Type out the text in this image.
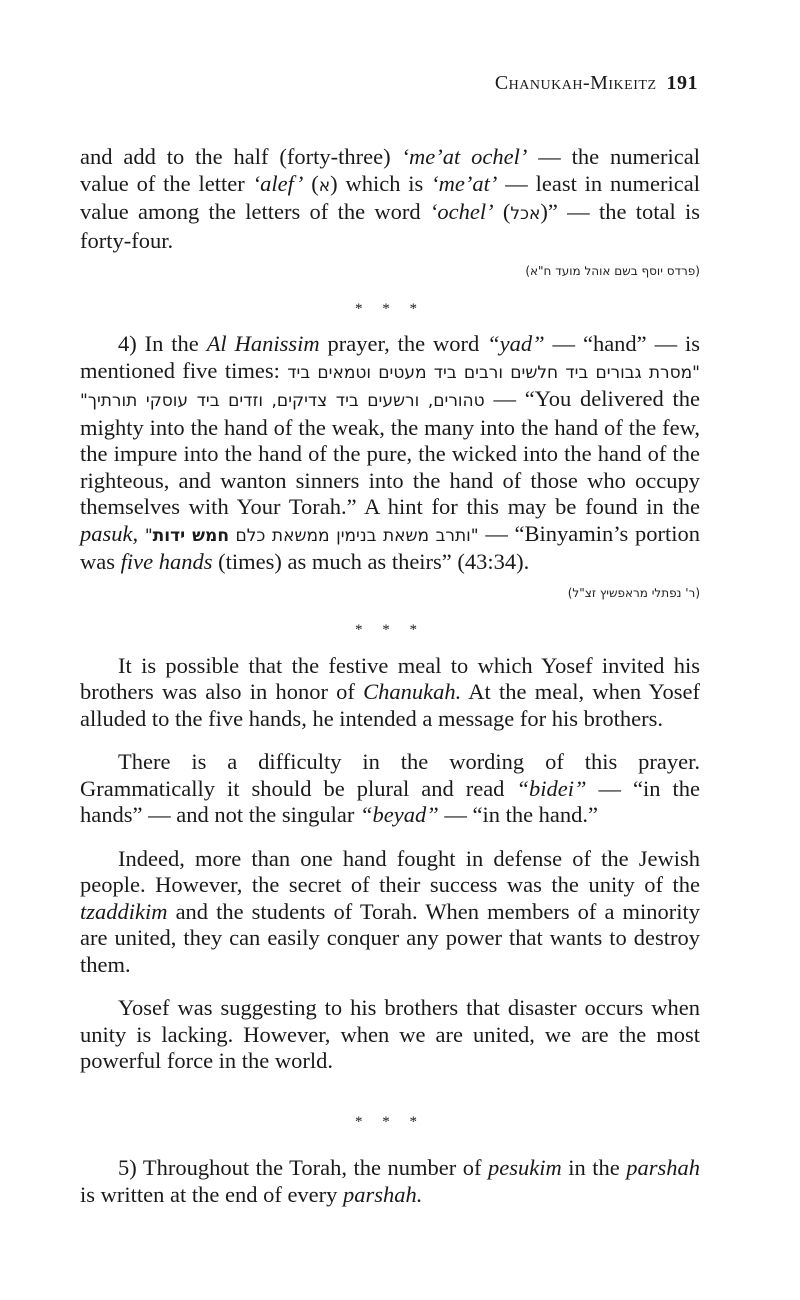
Chanukah-Mikeitz 191

and add to the half (forty-three) ‘me’at ochel’ — the numerical value of the letter ‘alef’ (א) which is ‘me’at’ — least in numerical value among the letters of the word ‘ochel’ (אכל)” — the total is forty-four.

(פרדס יוסף בשם אוהל מועד ח"א)

* * *

4) In the Al Hanissim prayer, the word “yad” — “hand” — is mentioned five times: "מסרת גבורים ביד חלשים ורבים ביד מעטים וטמאים ביד טהורים, ורשעים ביד צדיקים, וזדים ביד עוסקי תורתיך" — “You delivered the mighty into the hand of the weak, the many into the hand of the few, the impure into the hand of the pure, the wicked into the hand of the righteous, and wanton sinners into the hand of those who occupy themselves with Your Torah.” A hint for this may be found in the pasuk,	"ותרב משאת בנימין ממשאת כלם חמש ידות"	— “Binyamin’s portion was five hands (times) as much as theirs” (43:34).

(ר' נפתלי מראפשיץ זצ"ל)

* * *

It is possible that the festive meal to which Yosef invited his brothers was also in honor of Chanukah. At the meal, when Yosef alluded to the five hands, he intended a message for his brothers.

There is a difficulty in the wording of this prayer. Grammatically it should be plural and read “bidei” — “in the hands” — and not the singular “beyad” — “in the hand.”

Indeed, more than one hand fought in defense of the Jewish people. However, the secret of their success was the unity of the tzaddikim and the students of Torah. When members of a minority are united, they can easily conquer any power that wants to destroy them.

Yosef was suggesting to his brothers that disaster occurs when unity is lacking. However, when we are united, we are the most powerful force in the world.

* * *

5) Throughout the Torah, the number of pesukim in the parshah is written at the end of every parshah.
